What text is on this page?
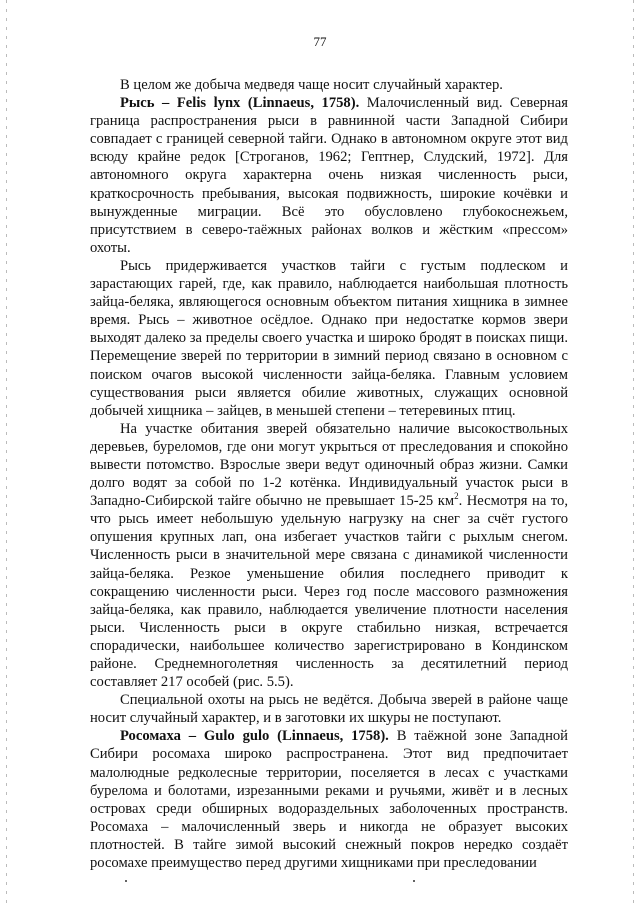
77

В целом же добыча медведя чаще носит случайный характер.

Рысь – Felis lynx (Linnaeus, 1758). Малочисленный вид. Северная граница распространения рыси в равнинной части Западной Сибири совпадает с границей северной тайги. Однако в автономном округе этот вид всюду крайне редок [Строганов, 1962; Гептнер, Слудский, 1972]. Для автономного округа характерна очень низкая численность рыси, краткосрочность пребывания, высокая подвижность, широкие кочёвки и вынужденные миграции. Всё это обусловлено глубокоснежьем, присутствием в северо-таёжных районах волков и жёстким «прессом» охоты.

Рысь придерживается участков тайги с густым подлеском и зарастающих гарей, где, как правило, наблюдается наибольшая плотность зайца-беляка, являющегося основным объектом питания хищника в зимнее время. Рысь – животное осёдлое. Однако при недостатке кормов звери выходят далеко за пределы своего участка и широко бродят в поисках пищи. Перемещение зверей по территории в зимний период связано в основном с поиском очагов высокой численности зайца-беляка. Главным условием существования рыси является обилие животных, служащих основной добычей хищника – зайцев, в меньшей степени – тетеревиных птиц.

На участке обитания зверей обязательно наличие высокоствольных деревьев, буреломов, где они могут укрыться от преследования и спокойно вывести потомство. Взрослые звери ведут одиночный образ жизни. Самки долго водят за собой по 1-2 котёнка. Индивидуальный участок рыси в Западно-Сибирской тайге обычно не превышает 15-25 $км^2$. Несмотря на то, что рысь имеет небольшую удельную нагрузку на снег за счёт густого опушения крупных лап, она избегает участков тайги с рыхлым снегом. Численность рыси в значительной мере связана с динамикой численности зайца-беляка. Резкое уменьшение обилия последнего приводит к сокращению численности рыси. Через год после массового размножения зайца-беляка, как правило, наблюдается увеличение плотности населения рыси. Численность рыси в округе стабильно низкая, встречается спорадически, наибольшее количество зарегистрировано в Кондинском районе. Среднемноголетняя численность за десятилетний период составляет 217 особей (рис. 5.5).

Специальной охоты на рысь не ведётся. Добыча зверей в районе чаще носит случайный характер, и в заготовки их шкуры не поступают.

Росомаха – Gulo gulo (Linnaeus, 1758). В таёжной зоне Западной Сибири росомаха широко распространена. Этот вид предпочитает малолюдные редколесные территории, поселяется в лесах с участками бурелома и болотами, изрезанными реками и ручьями, живёт и в лесных островах среди обширных водораздельных заболоченных пространств. Росомаха – малочисленный зверь и никогда не образует высоких плотностей. В тайге зимой высокий снежный покров нередко создаёт росомахе преимущество перед другими хищниками при преследовании
